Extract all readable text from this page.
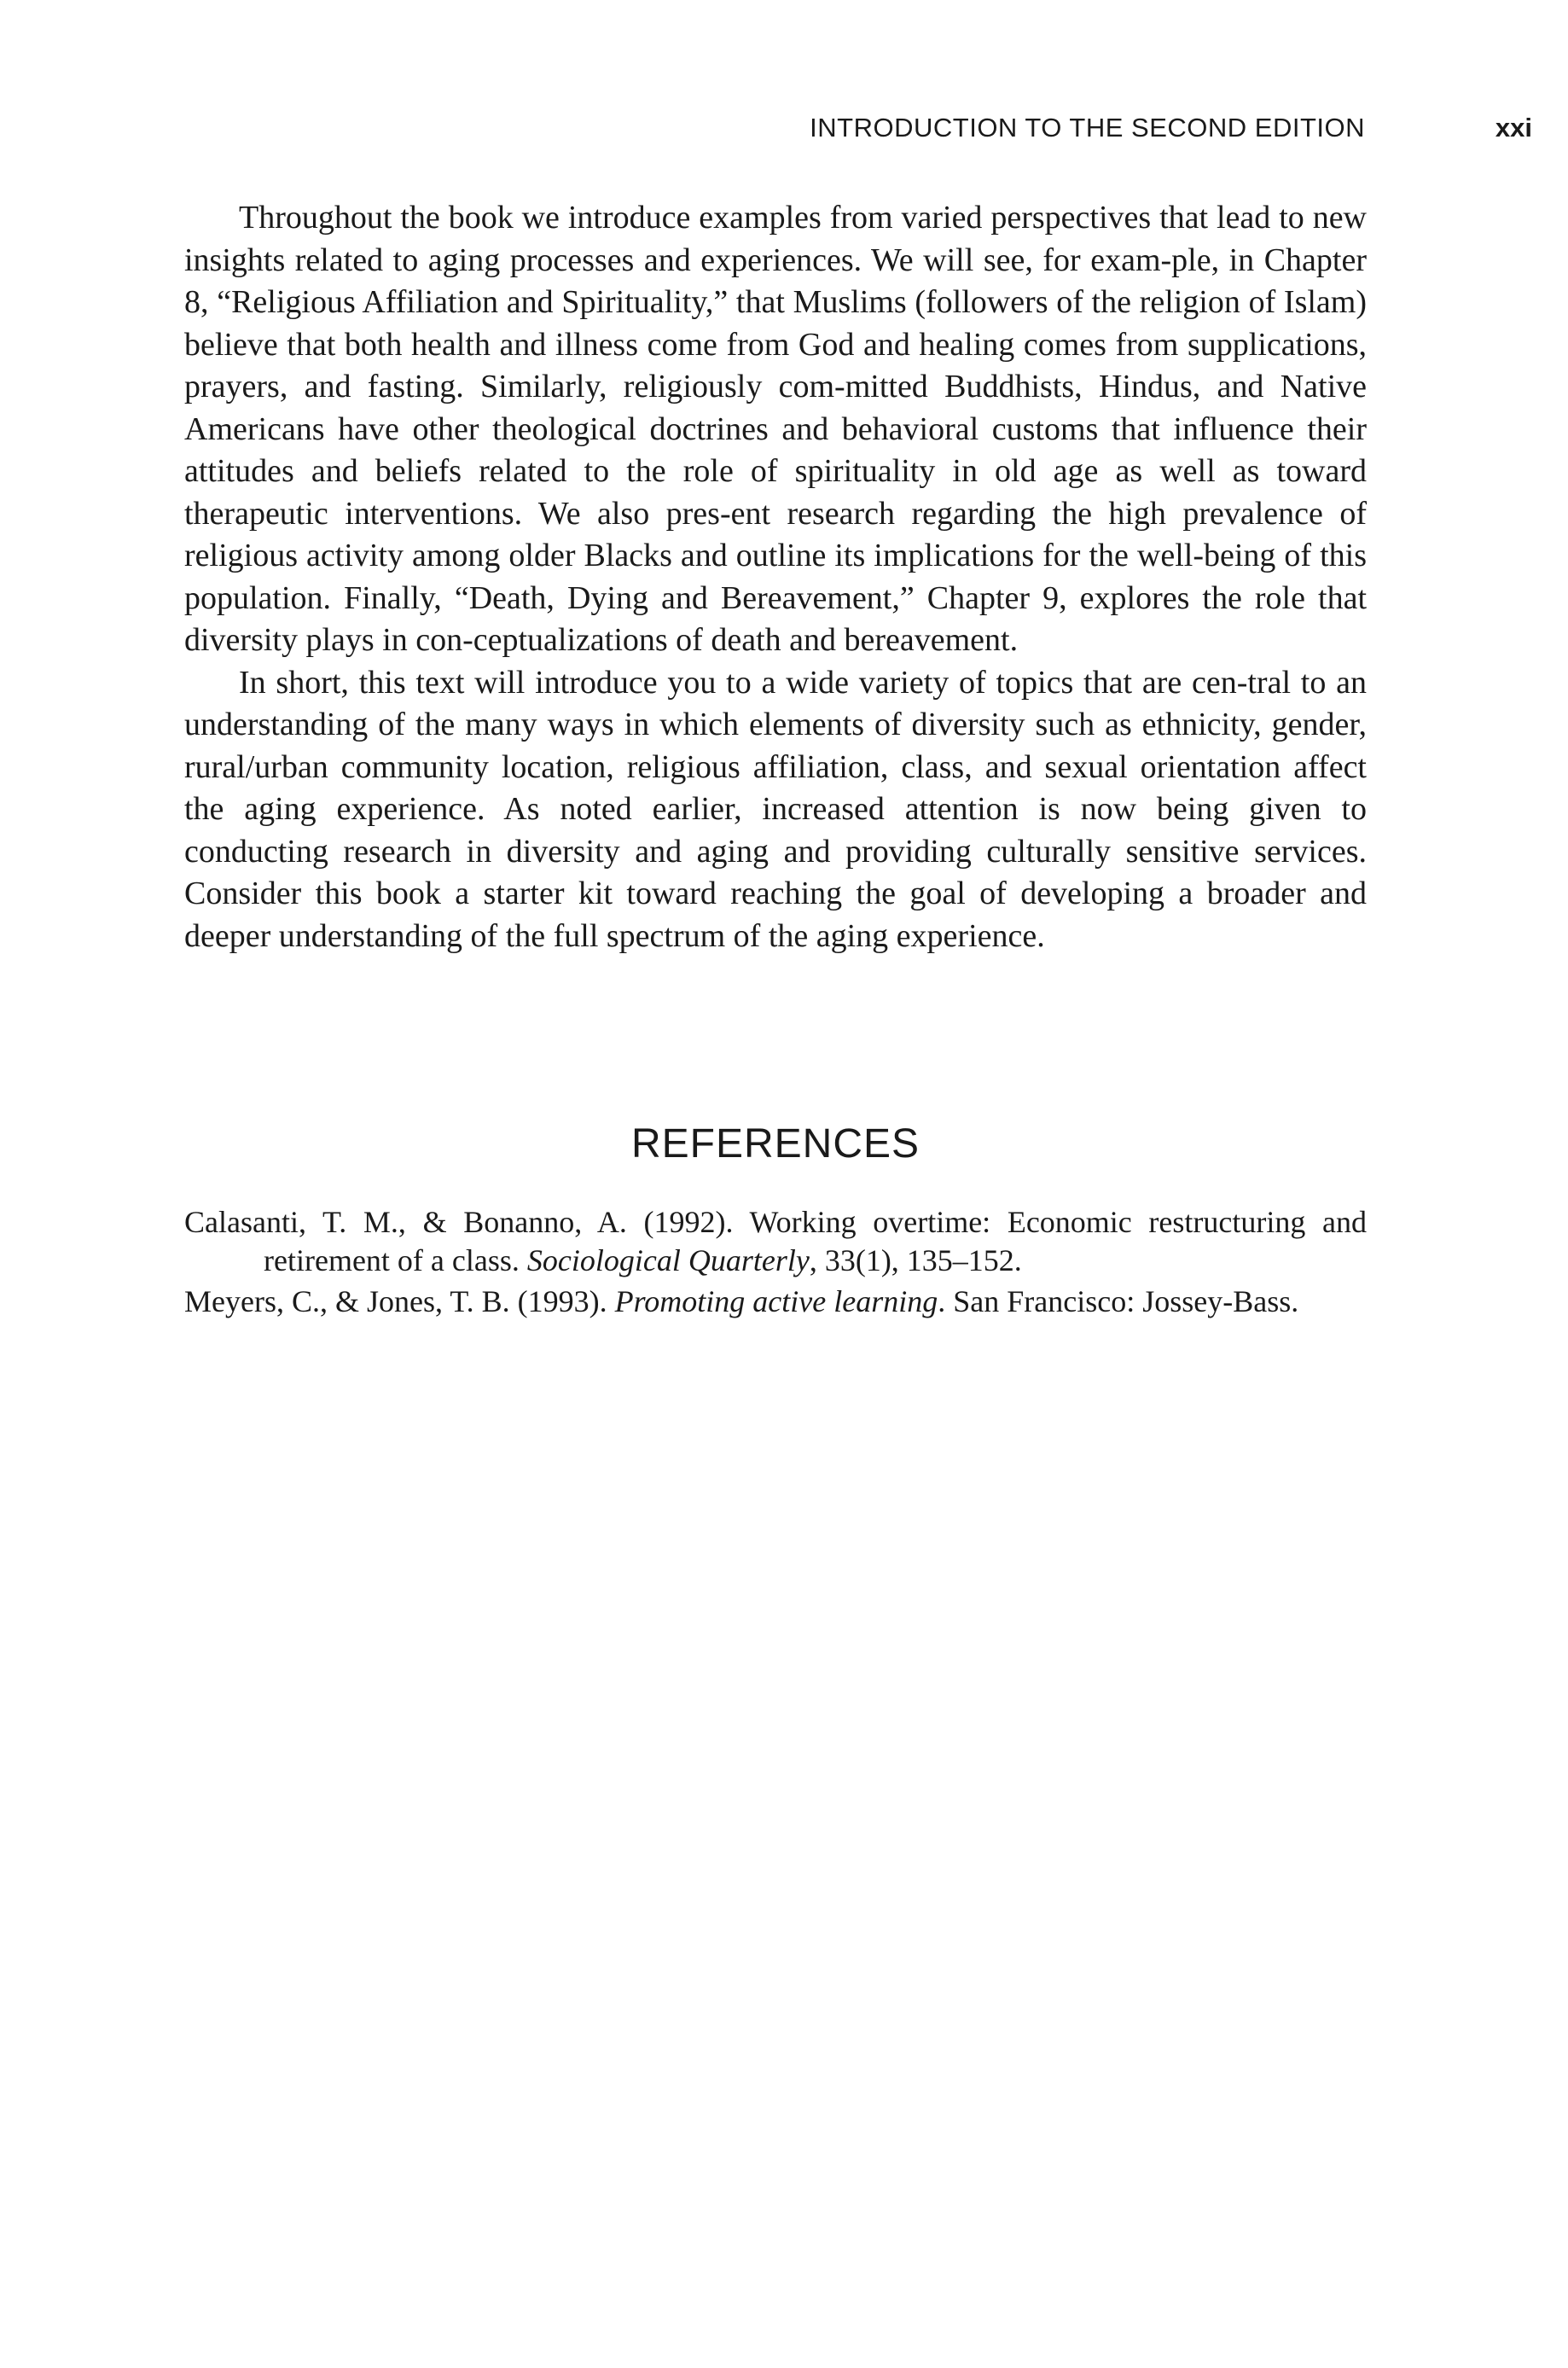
INTRODUCTION TO THE SECOND EDITION	xxi

Throughout the book we introduce examples from varied perspectives that lead to new insights related to aging processes and experiences. We will see, for exam-ple, in Chapter 8, “Religious Affiliation and Spirituality,” that Muslims (followers of the religion of Islam) believe that both health and illness come from God and healing comes from supplications, prayers, and fasting. Similarly, religiously com-mitted Buddhists, Hindus, and Native Americans have other theological doctrines and behavioral customs that influence their attitudes and beliefs related to the role of spirituality in old age as well as toward therapeutic interventions. We also pres-ent research regarding the high prevalence of religious activity among older Blacks and outline its implications for the well-being of this population. Finally, “Death, Dying and Bereavement,” Chapter 9, explores the role that diversity plays in con-ceptualizations of death and bereavement.

In short, this text will introduce you to a wide variety of topics that are cen-tral to an understanding of the many ways in which elements of diversity such as ethnicity, gender, rural/urban community location, religious affiliation, class, and sexual orientation affect the aging experience. As noted earlier, increased attention is now being given to conducting research in diversity and aging and providing culturally sensitive services. Consider this book a starter kit toward reaching the goal of developing a broader and deeper understanding of the full spectrum of the aging experience.

REFERENCES
Calasanti, T. M., & Bonanno, A. (1992). Working overtime: Economic restructuring and retirement of a class. Sociological Quarterly, 33(1), 135–152.
Meyers, C., & Jones, T. B. (1993). Promoting active learning. San Francisco: Jossey-Bass.
